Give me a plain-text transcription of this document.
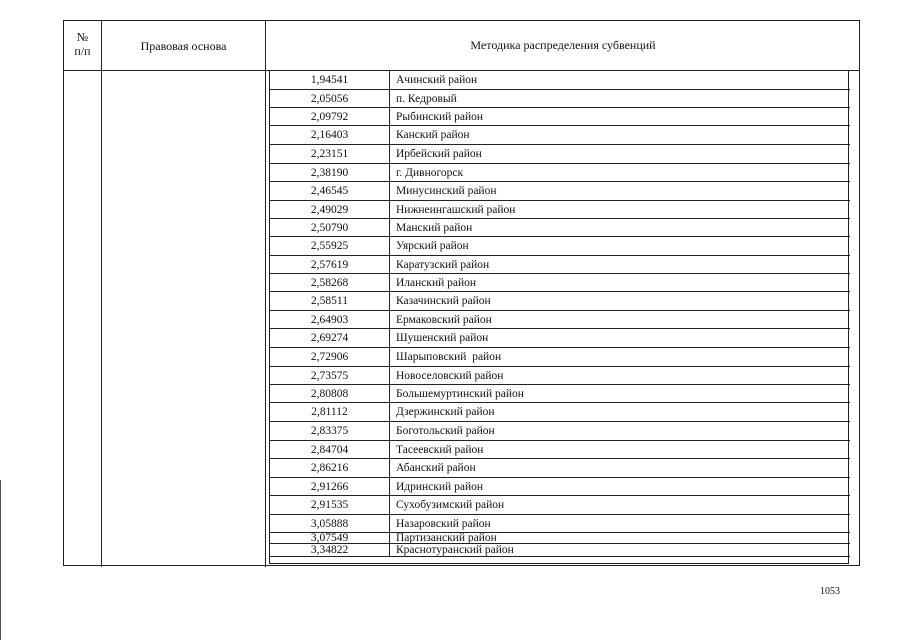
№
п/п	Правовая основа	Методика распределения субвенций
1,94541	Ачинский район
2,05056	п. Кедровый
2,09792	Рыбинский район
2,16403	Канский район
2,23151	Ирбейский район
2,38190	г. Дивногорск
2,46545	Минусинский район
2,49029	Нижнеингашский район
2,50790	Манский район
2,55925	Уярский район
2,57619	Каратузский район
2,58268	Иланский район
2,58511	Казачинский район
2,64903	Ермаковский район
2,69274	Шушенский район
2,72906	Шарыповский  район
2,73575	Новоселовский район
2,80808	Большемуртинский район
2,81112	Дзержинский район
2,83375	Боготольский район
2,84704	Тасеевский район
2,86216	Абанский район
2,91266	Идринский район
2,91535	Сухобузимский район
3,05888	Назаровский район
3,07549	Партизанский район
3,34822	Краснотуранский район
1053
